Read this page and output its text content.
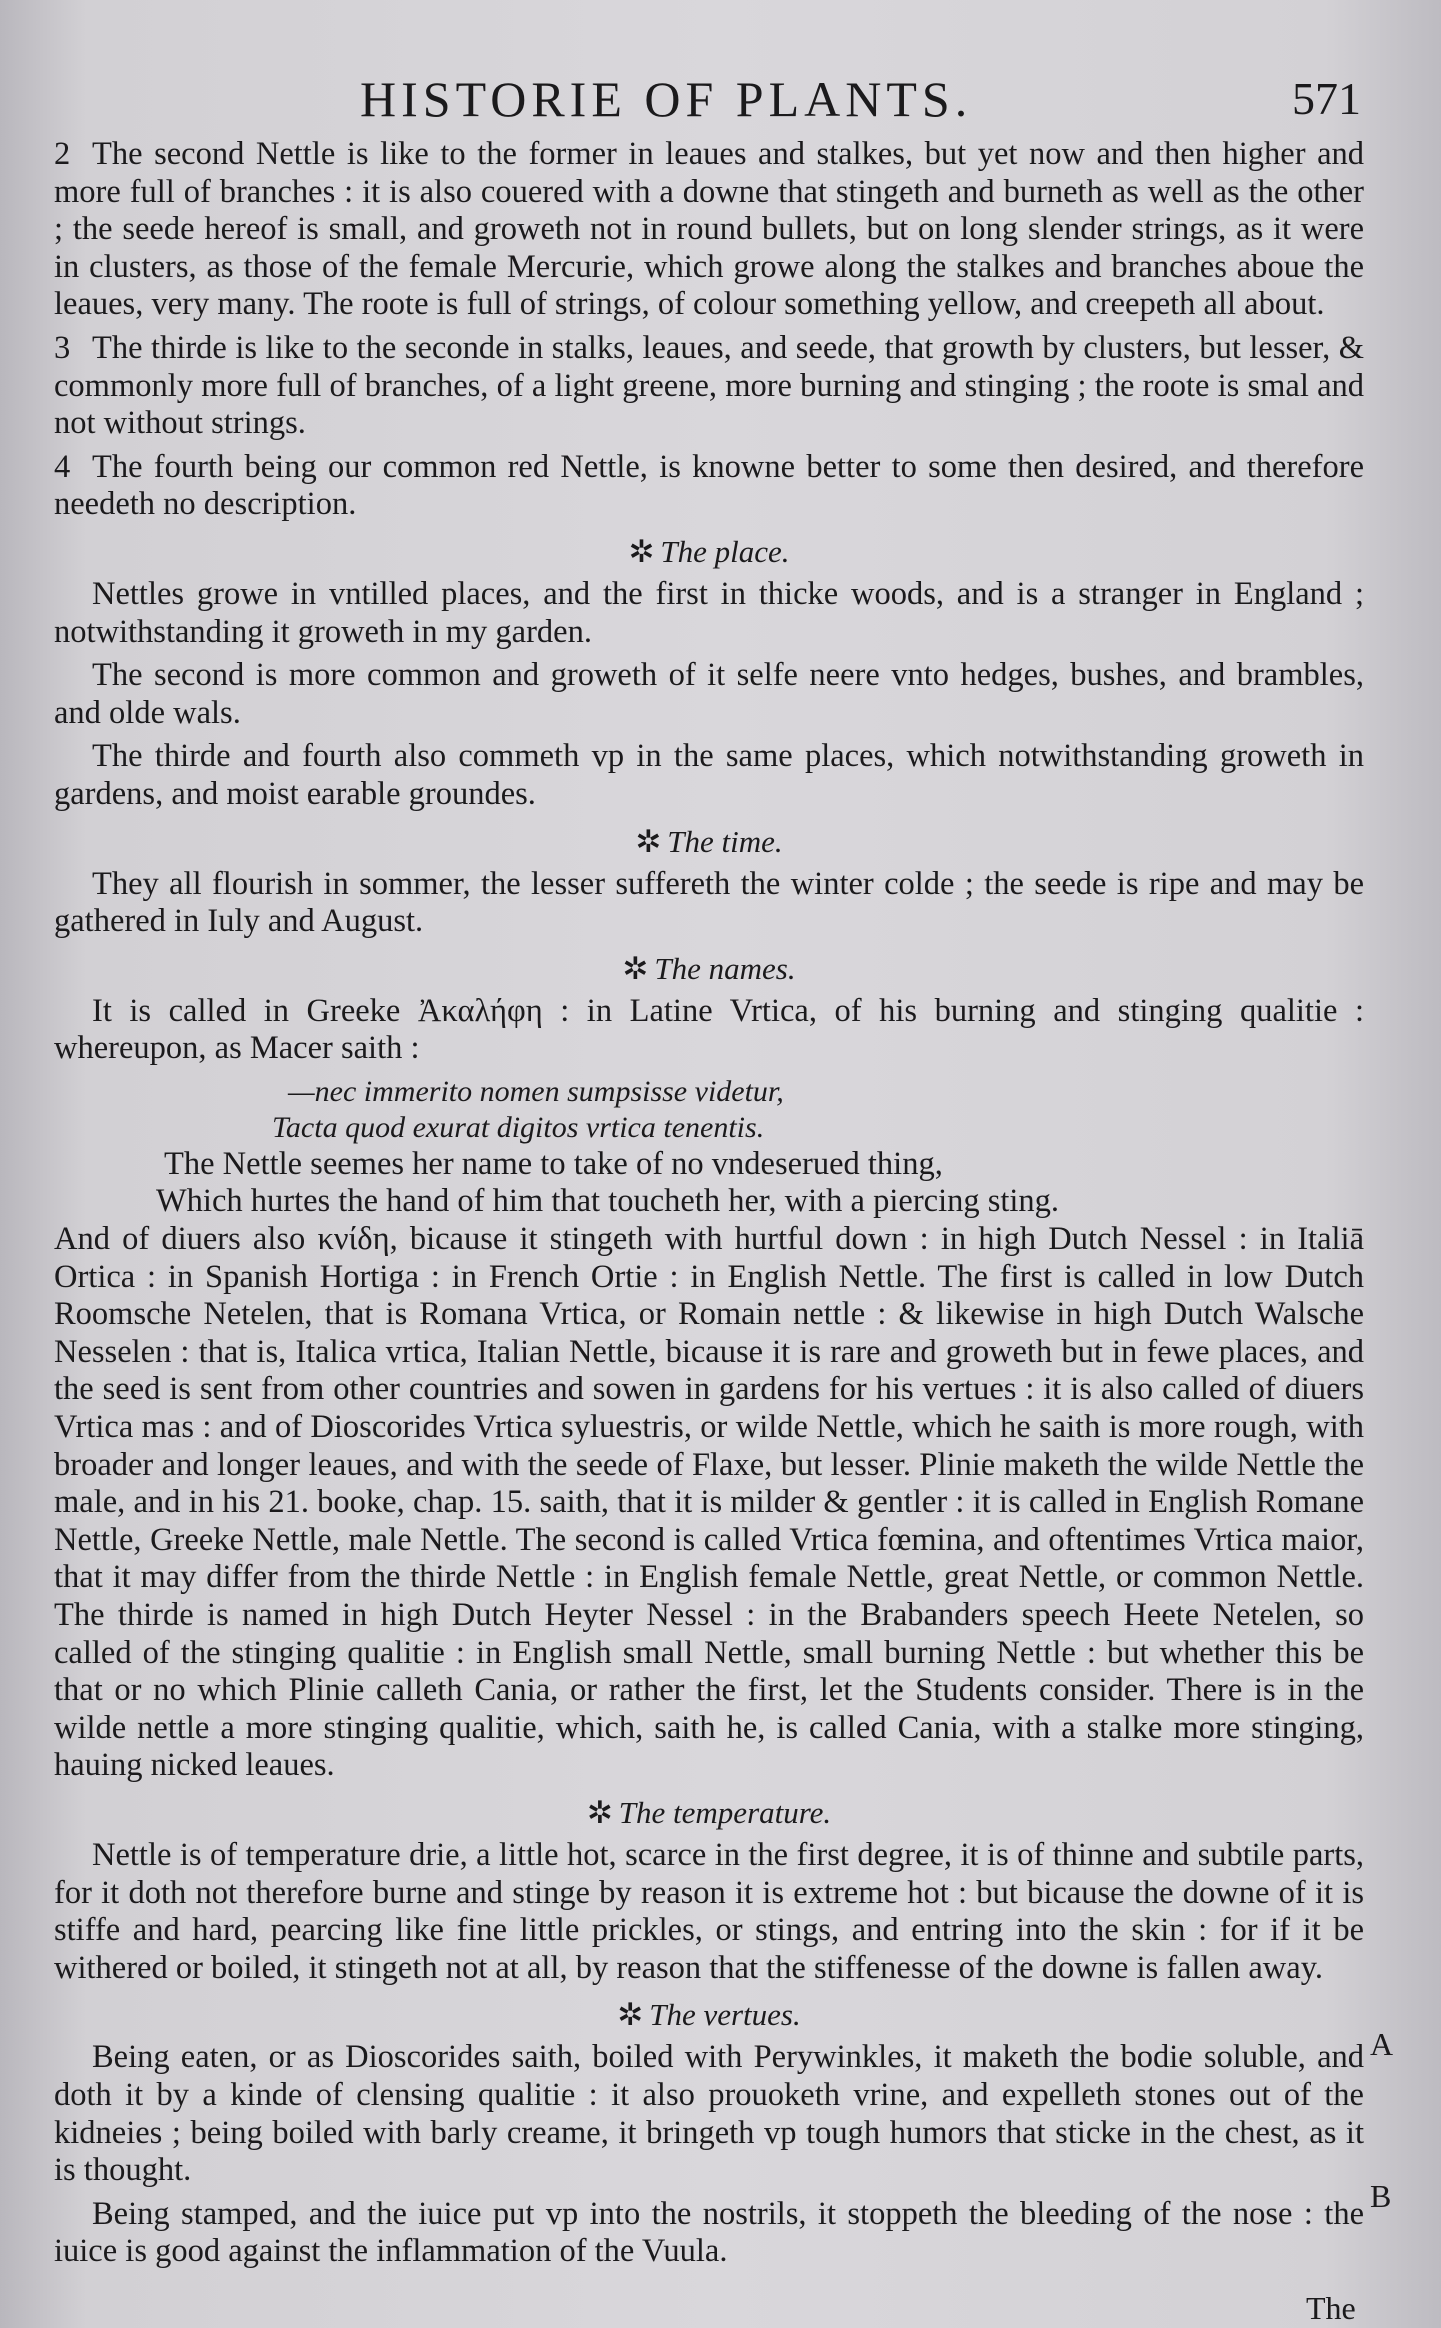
HISTORIE OF PLANTS.	571

2 The second Nettle is like to the former in leaues and stalkes, but yet now and then higher and more full of branches : it is also couered with a downe that stingeth and burneth as well as the other ; the seede hereof is small, and groweth not in round bullets, but on long slender strings, as it were in clusters, as those of the female Mercurie, which growe along the stalkes and branches aboue the leaues, very many. The roote is full of strings, of colour something yellow, and creepeth all about.

3 The thirde is like to the seconde in stalks, leaues, and seede, that growth by clusters, but lesser, & commonly more full of branches, of a light greene, more burning and stinging ; the roote is smal and not without strings.

4 The fourth being our common red Nettle, is knowne better to some then desired, and therefore needeth no description.

✲ The place.

Nettles growe in vntilled places, and the first in thicke woods, and is a stranger in England ; notwithstanding it groweth in my garden.

The second is more common and groweth of it selfe neere vnto hedges, bushes, and brambles, and olde wals.

The thirde and fourth also commeth vp in the same places, which notwithstanding groweth in gardens, and moist earable groundes.

✲ The time.

They all flourish in sommer, the lesser suffereth the winter colde ; the seede is ripe and may be gathered in Iuly and August.

✲ The names.

It is called in Greeke Ἀκαλήφη : in Latine Vrtica, of his burning and stinging qualitie : whereupon, as Macer saith :

—nec immerito nomen sumpsisse videtur,

Tacta quod exurat digitos vrtica tenentis.

The Nettle seemes her name to take of no vndeserued thing,

Which hurtes the hand of him that toucheth her, with a piercing sting.

And of diuers also κνίδη, bicause it stingeth with hurtful down : in high Dutch Nessel : in Italiā Ortica : in Spanish Hortiga : in French Ortie : in English Nettle. The first is called in low Dutch Roomsche Netelen, that is Romana Vrtica, or Romain nettle : & likewise in high Dutch Walsche Nesselen : that is, Italica vrtica, Italian Nettle, bicause it is rare and groweth but in fewe places, and the seed is sent from other countries and sowen in gardens for his vertues : it is also called of diuers Vrtica mas : and of Dioscorides Vrtica syluestris, or wilde Nettle, which he saith is more rough, with broader and longer leaues, and with the seede of Flaxe, but lesser. Plinie maketh the wilde Nettle the male, and in his 21. booke, chap. 15. saith, that it is milder & gentler : it is called in English Romane Nettle, Greeke Nettle, male Nettle. The second is called Vrtica fœmina, and oftentimes Vrtica maior, that it may differ from the thirde Nettle : in English female Nettle, great Nettle, or common Nettle. The thirde is named in high Dutch Heyter Nessel : in the Brabanders speech Heete Netelen, so called of the stinging qualitie : in English small Nettle, small burning Nettle : but whether this be that or no which Plinie calleth Cania, or rather the first, let the Students consider. There is in the wilde nettle a more stinging qualitie, which, saith he, is called Cania, with a stalke more stinging, hauing nicked leaues.

✲ The temperature.

Nettle is of temperature drie, a little hot, scarce in the first degree, it is of thinne and subtile parts, for it doth not therefore burne and stinge by reason it is extreme hot : but bicause the downe of it is stiffe and hard, pearcing like fine little prickles, or stings, and entring into the skin : for if it be withered or boiled, it stingeth not at all, by reason that the stiffenesse of the downe is fallen away.

✲ The vertues.

Being eaten, or as Dioscorides saith, boiled with Perywinkles, it maketh the bodie soluble, and doth it by a kinde of clensing qualitie : it also prouoketh vrine, and expelleth stones out of the kidneies ; being boiled with barly creame, it bringeth vp tough humors that sticke in the chest, as it is thought.

Being stamped, and the iuice put vp into the nostrils, it stoppeth the bleeding of the nose : the iuice is good against the inflammation of the Vuula.

A
B
The
